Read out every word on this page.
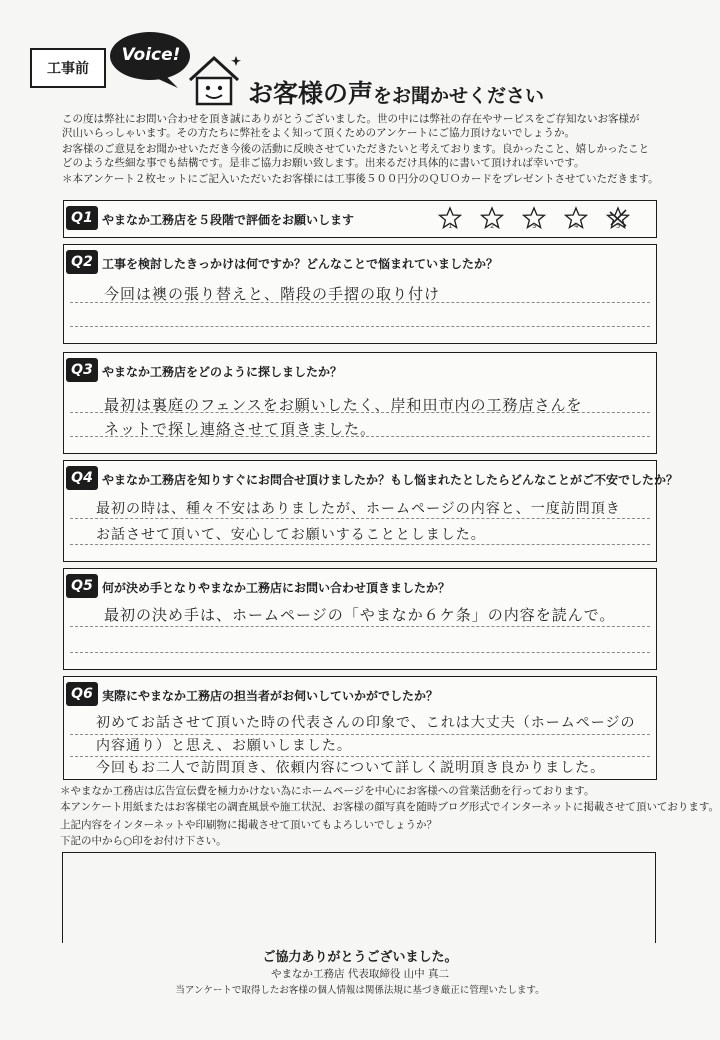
工事前
Voice!
お客様の声をお聞かせください
この度は弊社にお問い合わせを頂き誠にありがとうございました。世の中には弊社の存在やサービスをご存知ないお客様が
沢山いらっしゃいます。その方たちに弊社をよく知って頂くためのアンケートにご協力頂けないでしょうか。
お客様のご意見をお聞かせいただき今後の活動に反映させていただきたいと考えております。良かったこと、嬉しかったこと
どのような些細な事でも結構です。是非ご協力お願い致します。出来るだけ具体的に書いて頂ければ幸いです。
＊本アンケート２枚セットにご記入いただいたお客様には工事後５００円分のＱＵＯカードをプレゼントさせていただきます。
Q1 やまなか工務店を５段階で評価をお願いします	1	2	3	4	5
Q2 工事を検討したきっかけは何ですか？どんなことで悩まれていましたか？
今回は襖の張り替えと、階段の手摺の取り付け
Q3 やまなか工務店をどのように探しましたか？
最初は裏庭のフェンスをお願いしたく、岸和田市内の工務店さんを
ネットで探し連絡させて頂きました。
Q4 やまなか工務店を知りすぐにお問合せ頂けましたか？もし悩まれたとしたらどんなことがご不安でしたか？
最初の時は、種々不安はありましたが、ホームページの内容と、一度訪問頂き
お話させて頂いて、安心してお願いすることとしました。
Q5 何が決め手となりやまなか工務店にお問い合わせ頂きましたか？
最初の決め手は、ホームページの「やまなか６ケ条」の内容を読んで。
Q6 実際にやまなか工務店の担当者がお伺いしていかがでしたか？
初めてお話させて頂いた時の代表さんの印象で、これは大丈夫（ホームページの
内容通り）と思え、お願いしました。
今回もお二人で訪問頂き、依頼内容について詳しく説明頂き良かりました。
＊やまなか工務店は広告宣伝費を極力かけない為にホームページを中心にお客様への営業活動を行っております。
本アンケート用紙またはお客様宅の調査風景や施工状況、お客様の顔写真を随時ブログ形式でインターネットに掲載させて頂いております。
上記内容をインターネットや印刷物に掲載させて頂いてもよろしいでしょうか？
下記の中から○印をお付け下さい。
ご協力ありがとうございました。
やまなか工務店 代表取締役 山中 真二
当アンケートで取得したお客様の個人情報は関係法規に基づき厳正に管理いたします。
